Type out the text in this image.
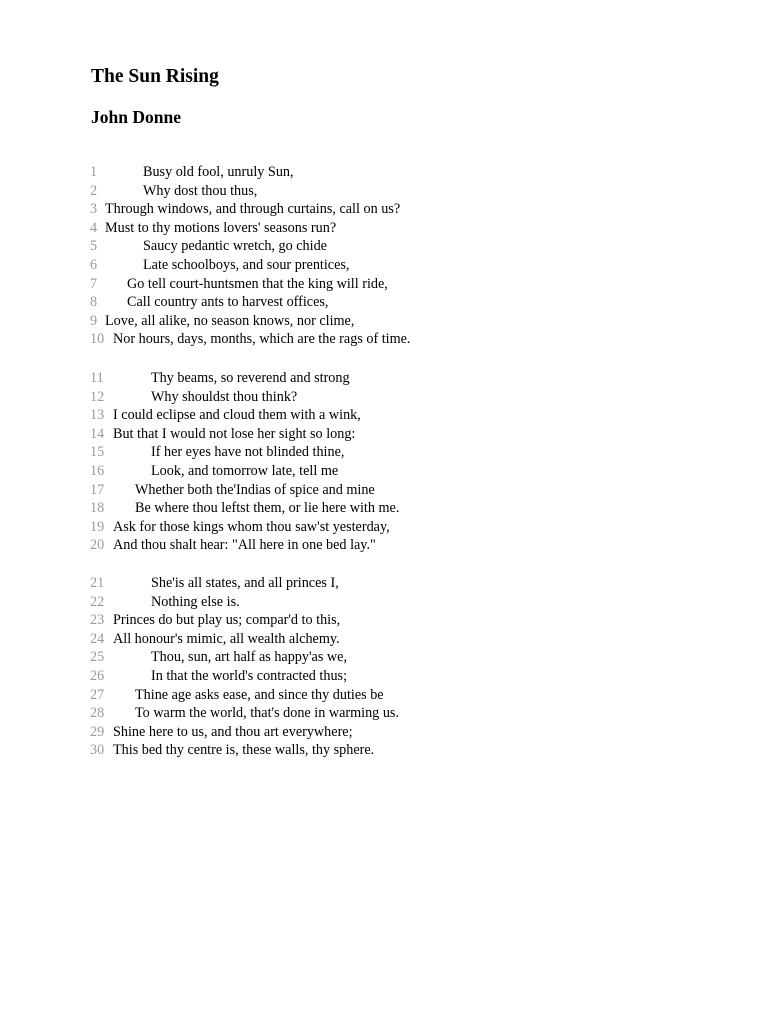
The Sun Rising
John Donne
1	Busy old fool, unruly Sun,
2	Why dost thou thus,
3 Through windows, and through curtains, call on us?
4 Must to thy motions lovers' seasons run?
5	Saucy pedantic wretch, go chide
6	Late schoolboys, and sour prentices,
7 Go tell court-huntsmen that the king will ride,
8 Call country ants to harvest offices,
9 Love, all alike, no season knows, nor clime,
10 Nor hours, days, months, which are the rags of time.
11	Thy beams, so reverend and strong
12	Why shouldst thou think?
13 I could eclipse and cloud them with a wink,
14 But that I would not lose her sight so long:
15	If her eyes have not blinded thine,
16	Look, and tomorrow late, tell me
17 Whether both the'Indias of spice and mine
18 Be where thou leftst them, or lie here with me.
19 Ask for those kings whom thou saw'st yesterday,
20 And thou shalt hear: "All here in one bed lay."
21	She'is all states, and all princes I,
22	Nothing else is.
23 Princes do but play us; compar'd to this,
24 All honour's mimic, all wealth alchemy.
25	Thou, sun, art half as happy'as we,
26	In that the world's contracted thus;
27 Thine age asks ease, and since thy duties be
28 To warm the world, that's done in warming us.
29 Shine here to us, and thou art everywhere;
30 This bed thy centre is, these walls, thy sphere.
